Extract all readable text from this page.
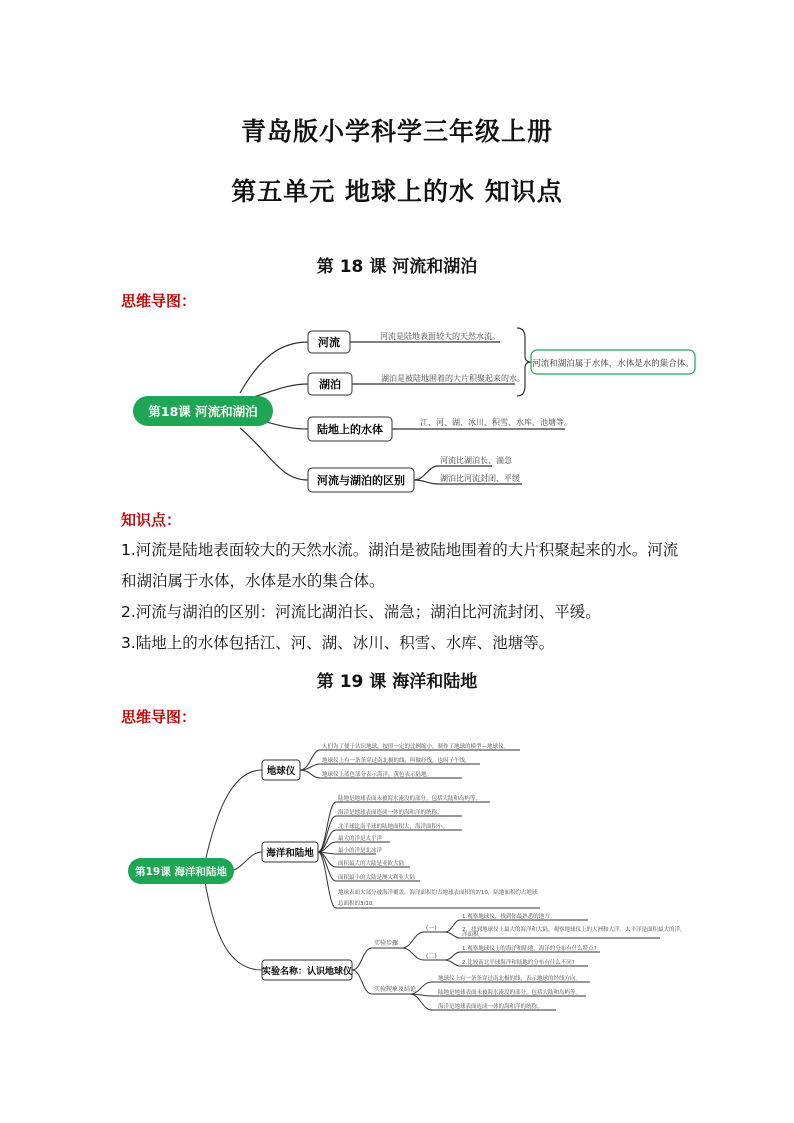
青岛版小学科学三年级上册
第五单元 地球上的水 知识点
第 18 课 河流和湖泊
思维导图：
第18课 河流和湖泊
河流	河流是陆地表面较大的天然水流。
湖泊	湖泊是被陆地围着的大片积聚起来的水。
河流和湖泊属于水体，水体是水的集合体。
陆地上的水体
江、河、湖、冰川、积雪、水库、池塘等。
河流与湖泊的区别
河流比湖泊长、湍急
湖泊比河流封闭、平缓
知识点：

1.河流是陆地表面较大的天然水流。湖泊是被陆地围着的大片积聚起来的水。河流和湖泊属于水体，水体是水的集合体。

2.河流与湖泊的区别：河流比湖泊长、湍急；湖泊比河流封闭、平缓。

3.陆地上的水体包括江、河、湖、冰川、积雪、水库、池塘等。

第 19 课 海洋和陆地
思维导图：
第19课 海洋和陆地
地球仪
人们为了便于认识地球，按照一定的比例缩小，制作了地球的模型—地球仪。
地球仪上有一条条穿过南北极的线，叫做经线，也叫子午线。
地球仪上蓝色部分表示海洋，黄色表示陆地。
海洋和陆地
陆地是地球表面未被海水淹没的部分，包括大陆和岛屿等。
海洋是地球表面连成一体的海和洋的统称。
北半球比南半球的陆地面积大，海洋面积小。
最大的洋是太平洋
最小的洋是北冰洋
面积最大的大陆是亚欧大陆
面积最小的大陆是澳大利亚大陆
地球表面大部分被海洋覆盖，海洋面积约占地球表面积的7/10，陆地面积约占地球
总面积的3/10。
实验名称：认识地球仪
实验步骤
实验现象及结论
(一)
(二)
1.观察地球仪，找到你最熟悉的地方。
2．找到地球仪上最大的海洋和大陆，观察地球仪上的大洲和大洋，太平洋是面积最大的洋。
洋面积。
1.观察地球仪上的海洋和陆地，海洋的分布有什么特点?
2.比较南北半球海洋和陆地的分布有什么不同?
地球仪上有一条条穿过南北极的线，表示地球的经线方向。
陆地是地球表面未被海水淹没的部分，包括大陆和岛屿等。
海洋是地球表面连成一体的海和洋的统称。
